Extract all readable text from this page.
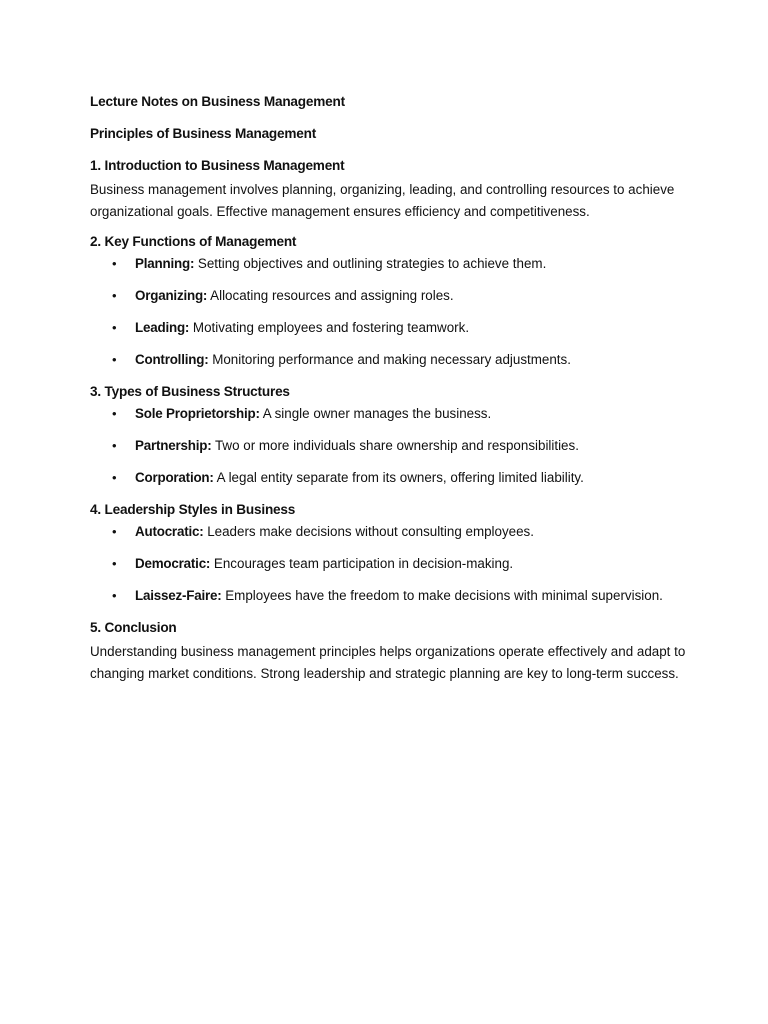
Lecture Notes on Business Management

Principles of Business Management

1. Introduction to Business Management

Business management involves planning, organizing, leading, and controlling resources to achieve organizational goals. Effective management ensures efficiency and competitiveness.

2. Key Functions of Management

• Planning: Setting objectives and outlining strategies to achieve them.
• Organizing: Allocating resources and assigning roles.
• Leading: Motivating employees and fostering teamwork.
• Controlling: Monitoring performance and making necessary adjustments.

3. Types of Business Structures

• Sole Proprietorship: A single owner manages the business.
• Partnership: Two or more individuals share ownership and responsibilities.
• Corporation: A legal entity separate from its owners, offering limited liability.

4. Leadership Styles in Business

• Autocratic: Leaders make decisions without consulting employees.
• Democratic: Encourages team participation in decision-making.
• Laissez-Faire: Employees have the freedom to make decisions with minimal supervision.

5. Conclusion

Understanding business management principles helps organizations operate effectively and adapt to changing market conditions. Strong leadership and strategic planning are key to long-term success.
